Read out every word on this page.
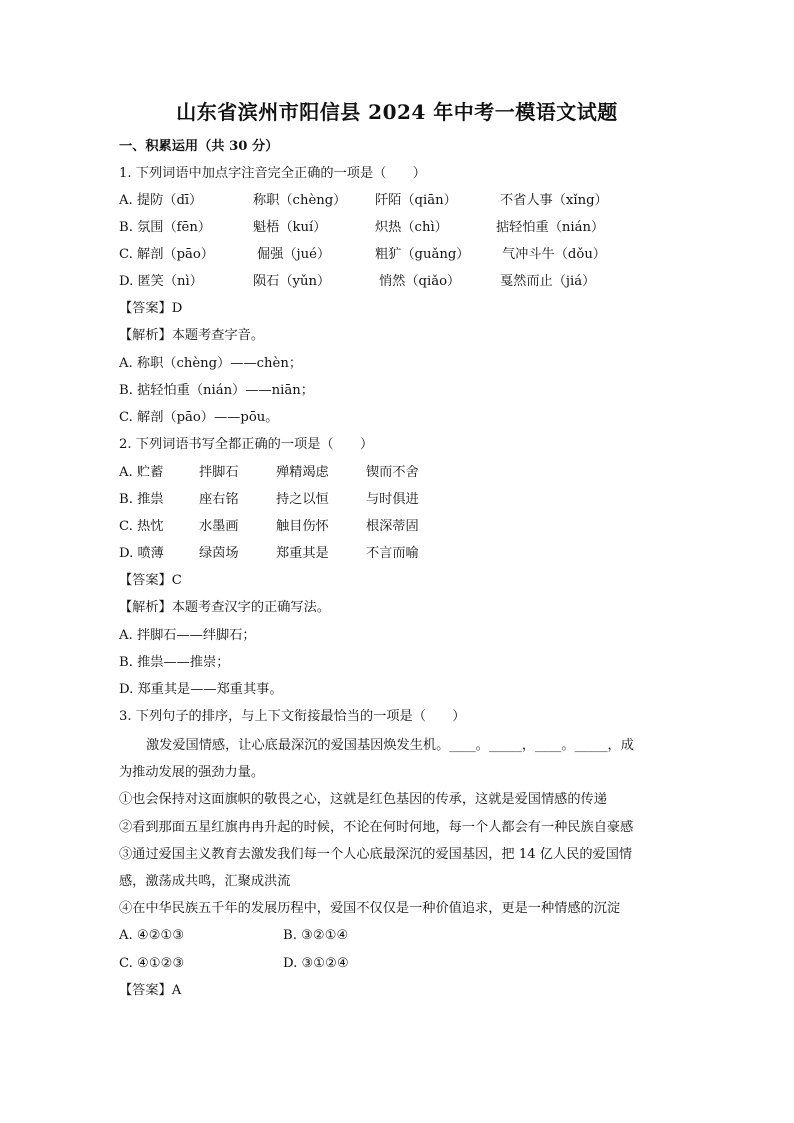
山东省滨州市阳信县 2024 年中考一模语文试题
一、积累运用（共 30 分）
1. 下列词语中加点字注音完全正确的一项是（　　）
A. 提防（dī）	称职（chèng） 阡陌（qiān）	不省人事（xǐng）
B. 氛围（fēn）	魁梧（kuí）	炽热（chì）	掂轻怕重（nián）
C. 解剖（pāo）	倔强（jué）	粗犷（guǎng） 气冲斗牛（dǒu）
D. 匿笑（nì）	陨石（yǔn）	悄然（qiǎo）	戛然而止（jiá）
【答案】D
【解析】本题考查字音。
A. 称职（chèng）——chèn；
B. 掂轻怕重（nián）——niān；
C. 解剖（pāo）——pōu。
2. 下列词语书写全都正确的一项是（　　）
A. 贮蓄	拌脚石	殚精竭虑	锲而不舍
B. 推祟	座右铭	持之以恒	与时俱进
C. 热忱	水墨画	触目伤怀	根深蒂固
D. 喷薄	绿茵场	郑重其是	不言而喻
【答案】C
【解析】本题考查汉字的正确写法。
A. 拌脚石——绊脚石；
B. 推祟——推崇；
D. 郑重其是——郑重其事。
3. 下列句子的排序，与上下文衔接最恰当的一项是（　　）
激发爱国情感，让心底最深沉的爱国基因焕发生机。____。_____，____。_____，成
为推动发展的强劲力量。
①也会保持对这面旗帜的敬畏之心，这就是红色基因的传承，这就是爱国情感的传递
②看到那面五星红旗冉冉升起的时候，不论在何时何地，每一个人都会有一种民族自豪感
③通过爱国主义教育去激发我们每一个人心底最深沉的爱国基因，把 14 亿人民的爱国情
感，激荡成共鸣，汇聚成洪流
④在中华民族五千年的发展历程中，爱国不仅仅是一种价值追求，更是一种情感的沉淀
A. ④②①③	B. ③②①④
C. ④①②③	D. ③①②④
【答案】A
